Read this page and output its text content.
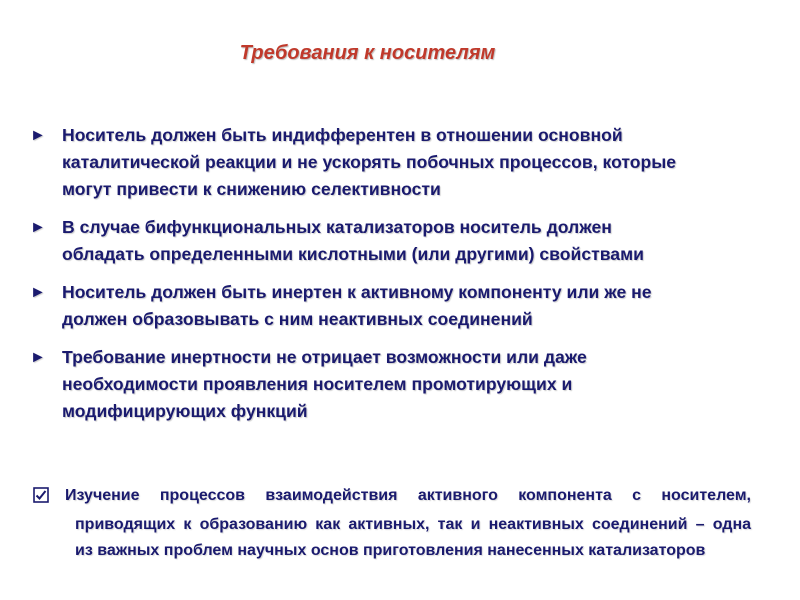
Требования к носителям
► Носитель должен быть индифферентен в отношении основной каталитической реакции и не ускорять побочных процессов, которые могут привести к снижению селективности
► В случае бифункциональных катализаторов носитель должен обладать определенными кислотными (или другими) свойствами
► Носитель должен быть инертен к активному компоненту или же не должен образовывать с ним неактивных соединений
► Требование инертности не отрицает возможности или даже необходимости проявления носителем промотирующих и модифицирующих функций
Изучение процессов взаимодействия активного компонента с носителем,
приводящих к образованию как активных, так и неактивных соединений – одна
из важных проблем научных основ приготовления нанесенных катализаторов
